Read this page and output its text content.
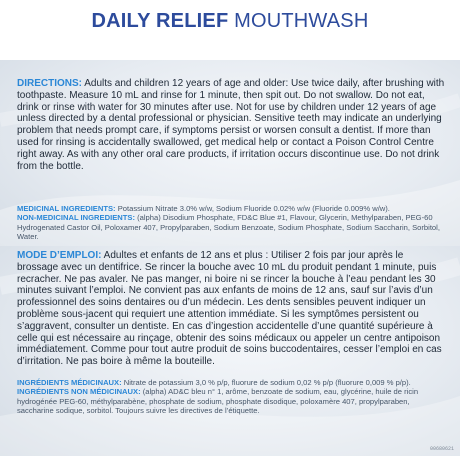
DAILY RELIEF MOUTHWASH

DIRECTIONS: Adults and children 12 years of age and older: Use twice daily, after brushing with toothpaste. Measure 10 mL and rinse for 1 minute, then spit out. Do not swallow. Do not eat, drink or rinse with water for 30 minutes after use. Not for use by children under 12 years of age unless directed by a dental professional or physician. Sensitive teeth may indicate an underlying problem that needs prompt care, if symptoms persist or worsen consult a dentist. If more than used for rinsing is accidentally swallowed, get medical help or contact a Poison Control Centre right away. As with any other oral care products, if irritation occurs discontinue use. Do not drink from the bottle.

MEDICINAL INGREDIENTS: Potassium Nitrate 3.0% w/w, Sodium Fluoride 0.02% w/w (Fluoride 0.009% w/w).

NON-MEDICINAL INGREDIENTS: (alpha) Disodium Phosphate, FD&C Blue #1, Flavour, Glycerin, Methylparaben, PEG-60 Hydrogenated Castor Oil, Poloxamer 407, Propylparaben, Sodium Benzoate, Sodium Phosphate, Sodium Saccharin, Sorbitol, Water.

MODE D’EMPLOI: Adultes et enfants de 12 ans et plus : Utiliser 2 fois par jour après le brossage avec un dentifrice. Se rincer la bouche avec 10 mL du produit pendant 1 minute, puis recracher. Ne pas avaler. Ne pas manger, ni boire ni se rincer la bouche à l’eau pendant les 30 minutes suivant l’emploi. Ne convient pas aux enfants de moins de 12 ans, sauf sur l’avis d’un professionnel des soins dentaires ou d’un médecin. Les dents sensibles peuvent indiquer un problème sous-jacent qui requiert une attention immédiate. Si les symptômes persistent ou s’aggravent, consulter un dentiste. En cas d’ingestion accidentelle d’une quantité supérieure à celle qui est nécessaire au rinçage, obtenir des soins médicaux ou appeler un centre antipoison immédiatement. Comme pour tout autre produit de soins buccodentaires, cesser l’emploi en cas d’irritation. Ne pas boire à même la bouteille.

INGRÉDIENTS MÉDICINAUX: Nitrate de potassium 3,0 % p/p, fluorure de sodium 0,02 % p/p (fluorure 0,009 % p/p).

INGRÉDIENTS NON MÉDICINAUX: (alpha) AD&C bleu n° 1, arôme, benzoate de sodium, eau, glycérine, huile de ricin hydrogénée PEG-60, méthylparabène, phosphate de sodium, phosphate disodique, poloxamère 407, propylparaben, saccharine sodique, sorbitol. Toujours suivre les directives de l’étiquette.

00680621
